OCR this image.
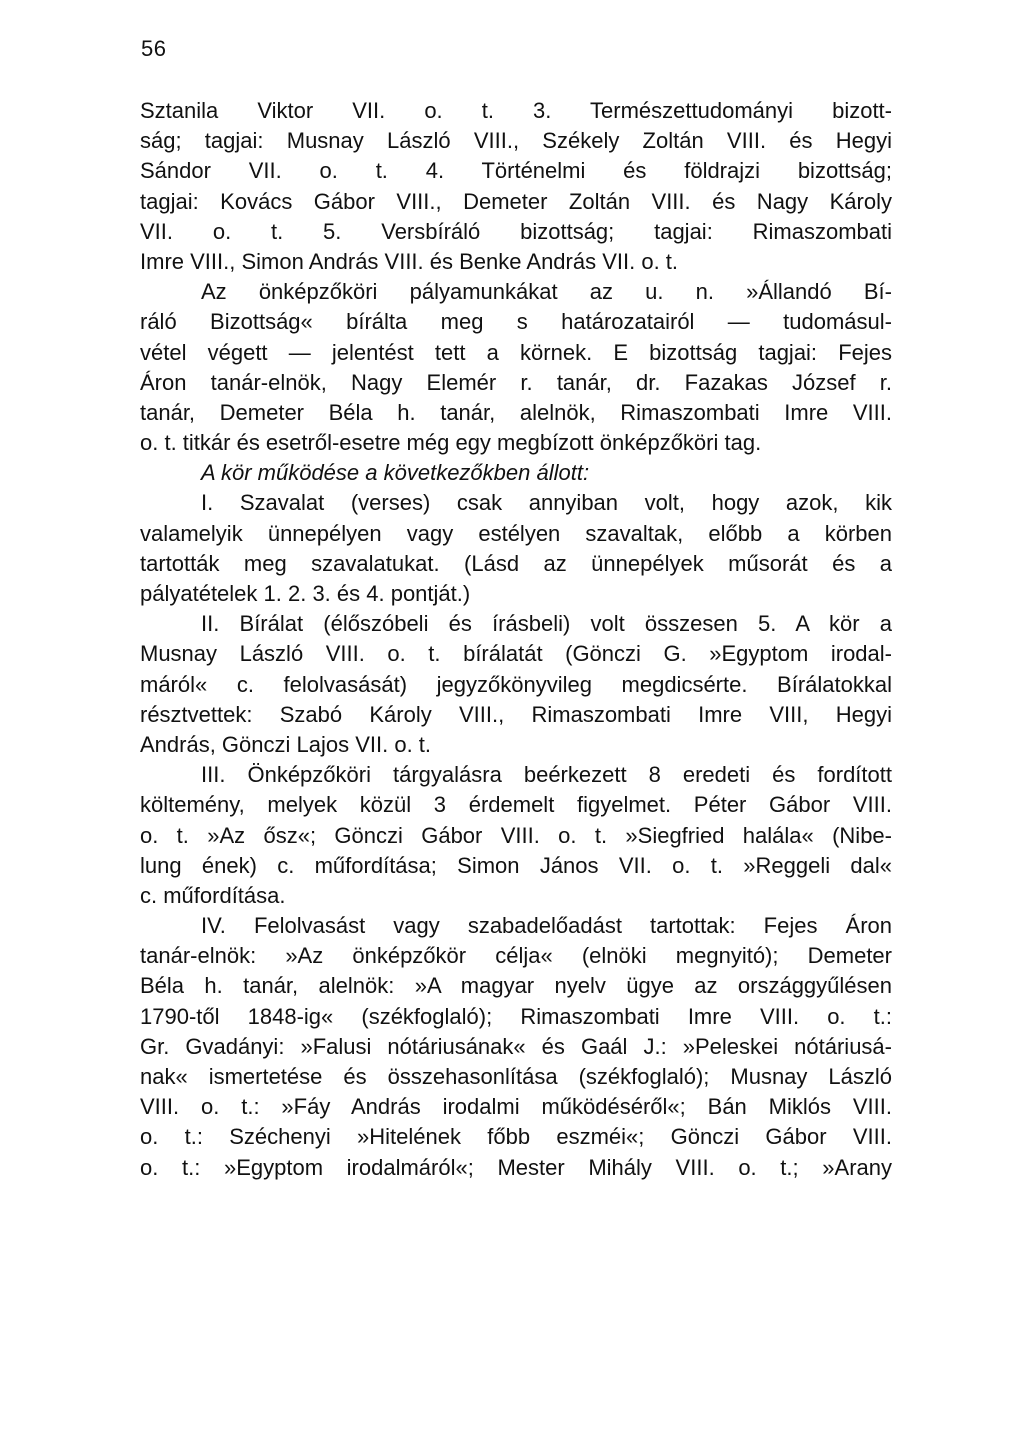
56
Sztanila Viktor VII. o. t. 3. Természettudományi bizott-
ság; tagjai: Musnay László VIII., Székely Zoltán VIII. és Hegyi
Sándor VII. o. t. 4. Történelmi és földrajzi bizottság;
tagjai: Kovács Gábor VIII., Demeter Zoltán VIII. és Nagy Károly
VII. o. t. 5. Versbíráló bizottság; tagjai: Rimaszombati
Imre VIII., Simon András VIII. és Benke András VII. o. t.
Az önképzőköri pályamunkákat az u. n. »Állandó Bí-
ráló Bizottság« bírálta meg s határozatairól — tudomásul-
vétel végett — jelentést tett a körnek. E bizottság tagjai: Fejes
Áron tanár-elnök, Nagy Elemér r. tanár, dr. Fazakas József r.
tanár, Demeter Béla h. tanár, alelnök, Rimaszombati Imre VIII.
o. t. titkár és esetről-esetre még egy megbízott önképzőköri tag.
A kör működése a következőkben állott:
I. Szavalat (verses) csak annyiban volt, hogy azok, kik
valamelyik ünnepélyen vagy estélyen szavaltak, előbb a körben
tartották meg szavalatukat. (Lásd az ünnepélyek műsorát és a
pályatételek 1. 2. 3. és 4. pontját.)
II. Bírálat (élőszóbeli és írásbeli) volt összesen 5. A kör a
Musnay László VIII. o. t. bírálatát (Gönczi G. »Egyptom irodal-
máról« c. felolvasását) jegyzőkönyvileg megdicsérte. Bírálatokkal
résztvettek: Szabó Károly VIII., Rimaszombati Imre VIII, Hegyi
András, Gönczi Lajos VII. o. t.
III. Önképzőköri tárgyalásra beérkezett 8 eredeti és fordított
költemény, melyek közül 3 érdemelt figyelmet. Péter Gábor VIII.
o. t. »Az ősz«; Gönczi Gábor VIII. o. t. »Siegfried halála« (Nibe-
lung ének) c. műfordítása; Simon János VII. o. t. »Reggeli dal«
c. műfordítása.
IV. Felolvasást vagy szabadelőadást tartottak: Fejes Áron
tanár-elnök: »Az önképzőkör célja« (elnöki megnyitó); Demeter
Béla h. tanár, alelnök: »A magyar nyelv ügye az országgyűlésen
1790-től 1848-ig« (székfoglaló); Rimaszombati Imre VIII. o. t.:
Gr. Gvadányi: »Falusi nótáriusának« és Gaál J.: »Peleskei nótáriusá-
nak« ismertetése és összehasonlítása (székfoglaló); Musnay László
VIII. o. t.: »Fáy András irodalmi működéséről«; Bán Miklós VIII.
o. t.: Széchenyi »Hitelének főbb eszméi«; Gönczi Gábor VIII.
o. t.: »Egyptom irodalmáról«; Mester Mihály VIII. o. t.; »Arany
